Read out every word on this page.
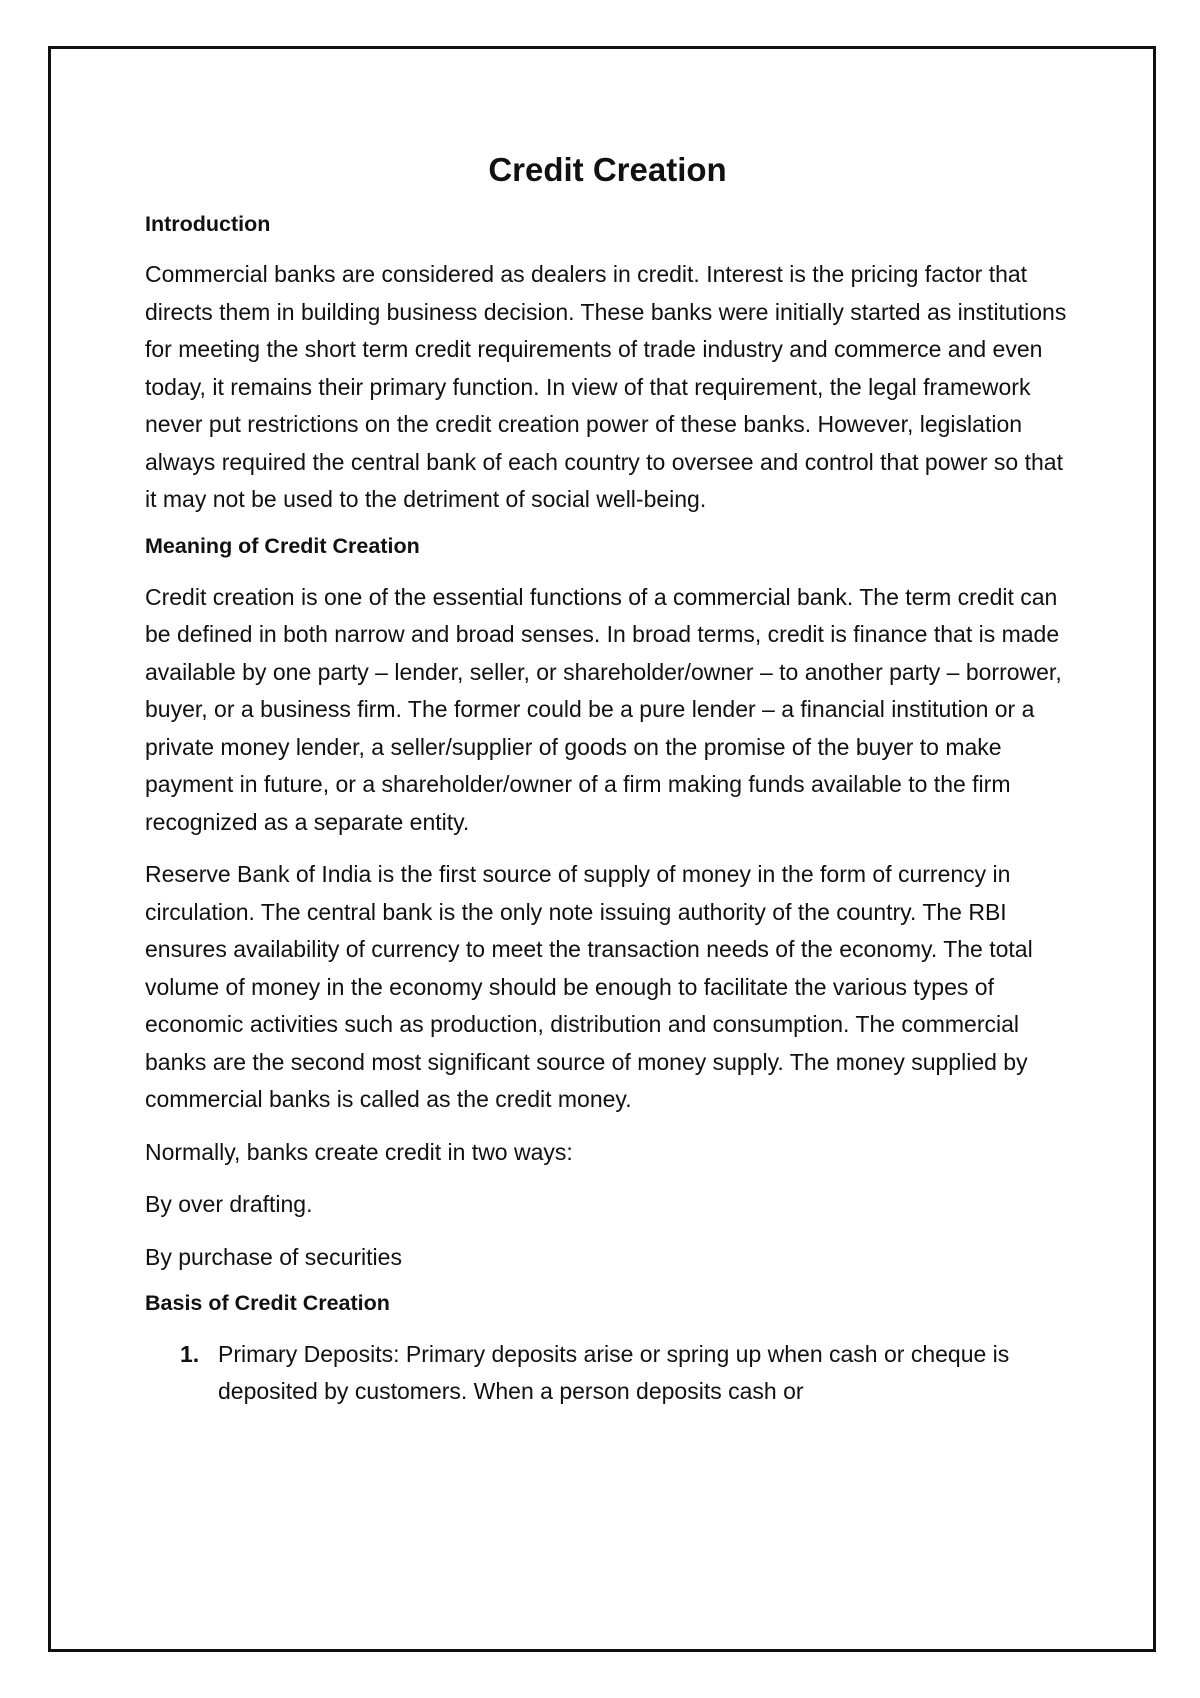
Credit Creation
Introduction

Commercial banks are considered as dealers in credit. Interest is the pricing factor that directs them in building business decision. These banks were initially started as institutions for meeting the short term credit requirements of trade industry and commerce and even today, it remains their primary function. In view of that requirement, the legal framework never put restrictions on the credit creation power of these banks. However, legislation always required the central bank of each country to oversee and control that power so that it may not be used to the detriment of social well-being.

Meaning of Credit Creation

Credit creation is one of the essential functions of a commercial bank. The term credit can be defined in both narrow and broad senses. In broad terms, credit is finance that is made available by one party – lender, seller, or shareholder/owner – to another party – borrower, buyer, or a business firm. The former could be a pure lender – a financial institution or a private money lender, a seller/supplier of goods on the promise of the buyer to make payment in future, or a shareholder/owner of a firm making funds available to the firm recognized as a separate entity.

Reserve Bank of India is the first source of supply of money in the form of currency in circulation. The central bank is the only note issuing authority of the country. The RBI ensures availability of currency to meet the transaction needs of the economy. The total volume of money in the economy should be enough to facilitate the various types of economic activities such as production, distribution and consumption. The commercial banks are the second most significant source of money supply. The money supplied by commercial banks is called as the credit money.

Normally, banks create credit in two ways:

By over drafting.

By purchase of securities

Basis of Credit Creation
1. Primary Deposits: Primary deposits arise or spring up when cash or cheque is deposited by customers. When a person deposits cash or
